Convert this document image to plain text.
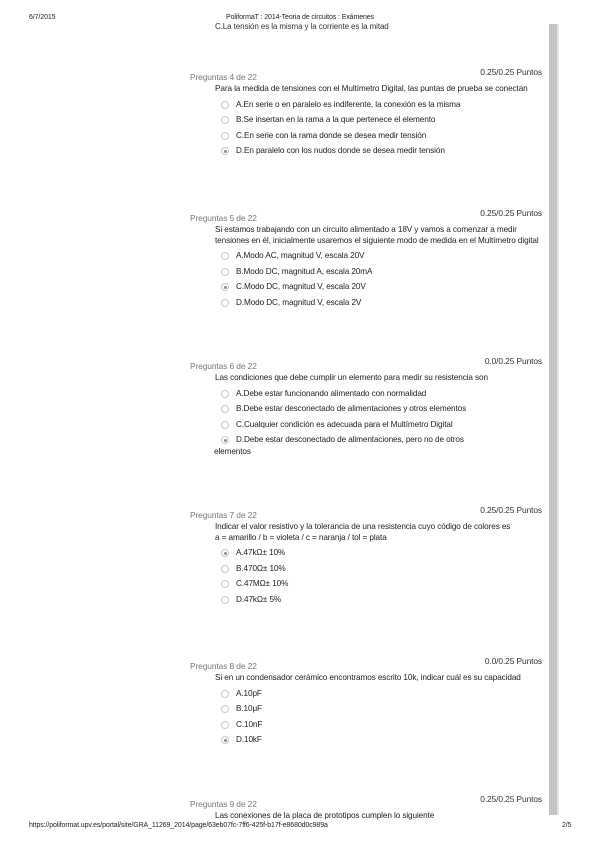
6/7/2015	PoliformaT : 2014-Teoria de circuitos : Exámenes
C.La tensión es la misma y la corriente es la mitad
Preguntas 4 de 22	0.25/0.25 Puntos
Para la medida de tensiones con el Multímetro Digital, las puntas de prueba se conectan
A.En serie o en paralelo es indiferente, la conexión es la misma
B.Se insertan en la rama a la que pertenece el elemento
C.En serie con la rama donde se desea medir tensión
D.En paralelo con los nudos donde se desea medir tensión
Preguntas 5 de 22	0.25/0.25 Puntos
Si estamos trabajando con un circuito alimentado a 18V y vamos a comenzar a medir tensiones en él, inicialmente usaremos el siguiente modo de medida en el Multímetro digital
A.Modo AC, magnitud V, escala 20V
B.Modo DC, magnitud A, escala 20mA
C.Modo DC, magnitud V, escala 20V
D.Modo DC, magnitud V, escala 2V
Preguntas 6 de 22	0.0/0.25 Puntos
Las condiciones que debe cumplir un elemento para medir su resistencia son
A.Debe estar funcionando alimentado con normalidad
B.Debe estar desconectado de alimentaciones y otros elementos
C.Cualquier condición es adecuada para el Multímetro Digital
D.Debe estar desconectado de alimentaciones, pero no de otros
elementos
Preguntas 7 de 22	0.25/0.25 Puntos
Indicar el valor resistivo y la tolerancia de una resistencia cuyo código de colores es
a = amarillo / b = violeta / c = naranja / tol = plata
A.47kΩ± 10%
B.470Ω± 10%
C.47MΩ± 10%
D.47kΩ± 5%
Preguntas 8 de 22	0.0/0.25 Puntos
Si en un condensador cerámico encontramos escrito 10k, indicar cuál es su capacidad
A.10pF
B.10μF
C.10nF
D.10kF
Preguntas 9 de 22	0.25/0.25 Puntos
Las conexiones de la placa de prototipos cumplen lo siguiente
https://poliformat.upv.es/portal/site/GRA_11269_2014/page/63eb07fc-7ff6-425f-b17f-e8680d0c989a	2/5
